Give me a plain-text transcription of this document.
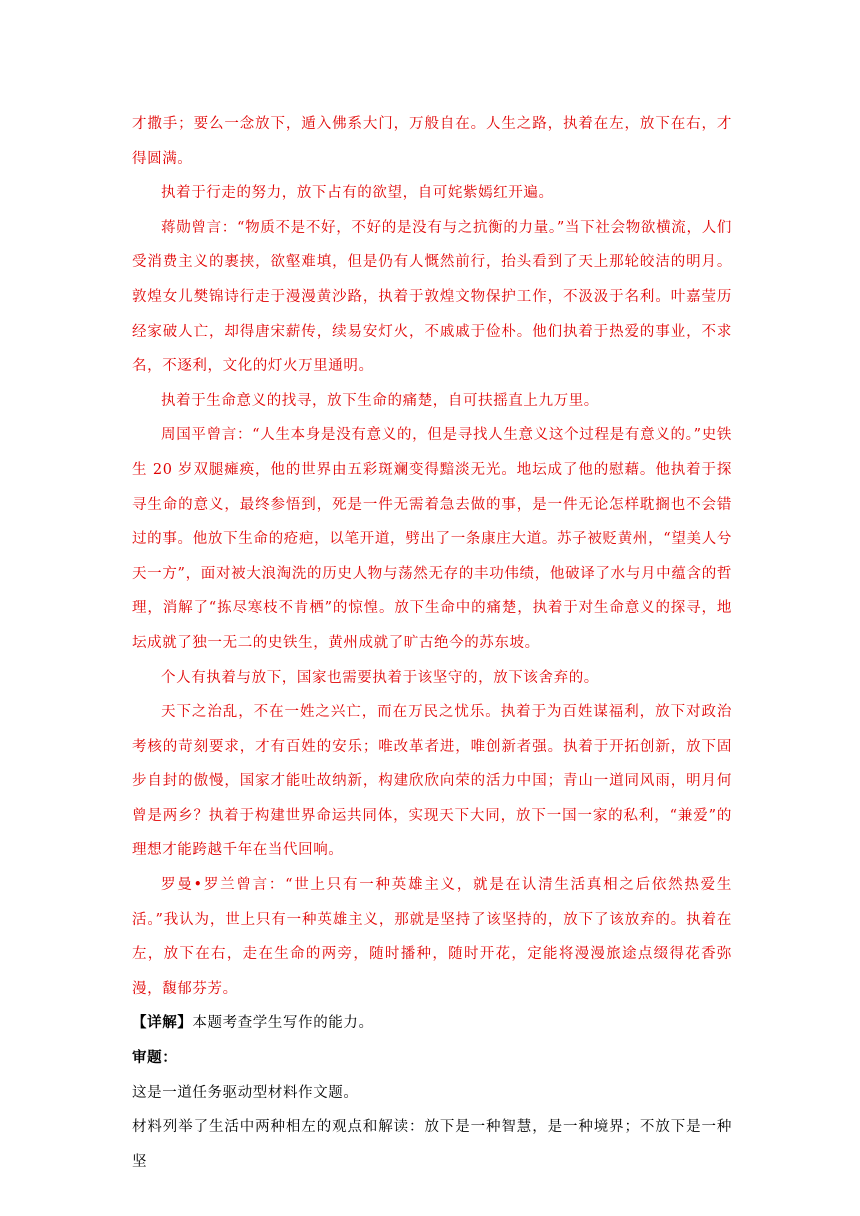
才撒手；要么一念放下，遁入佛系大门，万般自在。人生之路，执着在左，放下在右，才得圆满。

执着于行走的努力，放下占有的欲望，自可姹紫嫣红开遍。

蒋勋曾言：“物质不是不好，不好的是没有与之抗衡的力量。”当下社会物欲横流，人们受消费主义的裹挟，欲壑难填，但是仍有人慨然前行，抬头看到了天上那轮皎洁的明月。敦煌女儿樊锦诗行走于漫漫黄沙路，执着于敦煌文物保护工作，不汲汲于名利。叶嘉莹历经家破人亡，却得唐宋薪传，续易安灯火，不戚戚于俭朴。他们执着于热爱的事业，不求名，不逐利，文化的灯火万里通明。

执着于生命意义的找寻，放下生命的痛楚，自可扶摇直上九万里。

周国平曾言：“人生本身是没有意义的，但是寻找人生意义这个过程是有意义的。”史铁生 20 岁双腿瘫痪，他的世界由五彩斑斓变得黯淡无光。地坛成了他的慰藉。他执着于探寻生命的意义，最终参悟到，死是一件无需着急去做的事，是一件无论怎样耽搁也不会错过的事。他放下生命的疮疤，以笔开道，劈出了一条康庄大道。苏子被贬黄州，“望美人兮天一方”，面对被大浪淘洗的历史人物与荡然无存的丰功伟绩，他破译了水与月中蕴含的哲理，消解了“拣尽寒枝不肯栖”的惊惶。放下生命中的痛楚，执着于对生命意义的探寻，地坛成就了独一无二的史铁生，黄州成就了旷古绝今的苏东坡。

个人有执着与放下，国家也需要执着于该坚守的，放下该舍弃的。

天下之治乱，不在一姓之兴亡，而在万民之忧乐。执着于为百姓谋福利，放下对政治考核的苛刻要求，才有百姓的安乐；唯改革者进，唯创新者强。执着于开拓创新，放下固步自封的傲慢，国家才能吐故纳新，构建欣欣向荣的活力中国；青山一道同风雨，明月何曾是两乡？执着于构建世界命运共同体，实现天下大同，放下一国一家的私利，“兼爱”的理想才能跨越千年在当代回响。

罗曼•罗兰曾言：“世上只有一种英雄主义，就是在认清生活真相之后依然热爱生活。”我认为，世上只有一种英雄主义，那就是坚持了该坚持的，放下了该放弃的。执着在左，放下在右，走在生命的两旁，随时播种，随时开花，定能将漫漫旅途点缀得花香弥漫，馥郁芬芳。

【详解】本题考查学生写作的能力。

审题：

这是一道任务驱动型材料作文题。

材料列举了生活中两种相左的观点和解读：放下是一种智慧，是一种境界；不放下是一种坚
